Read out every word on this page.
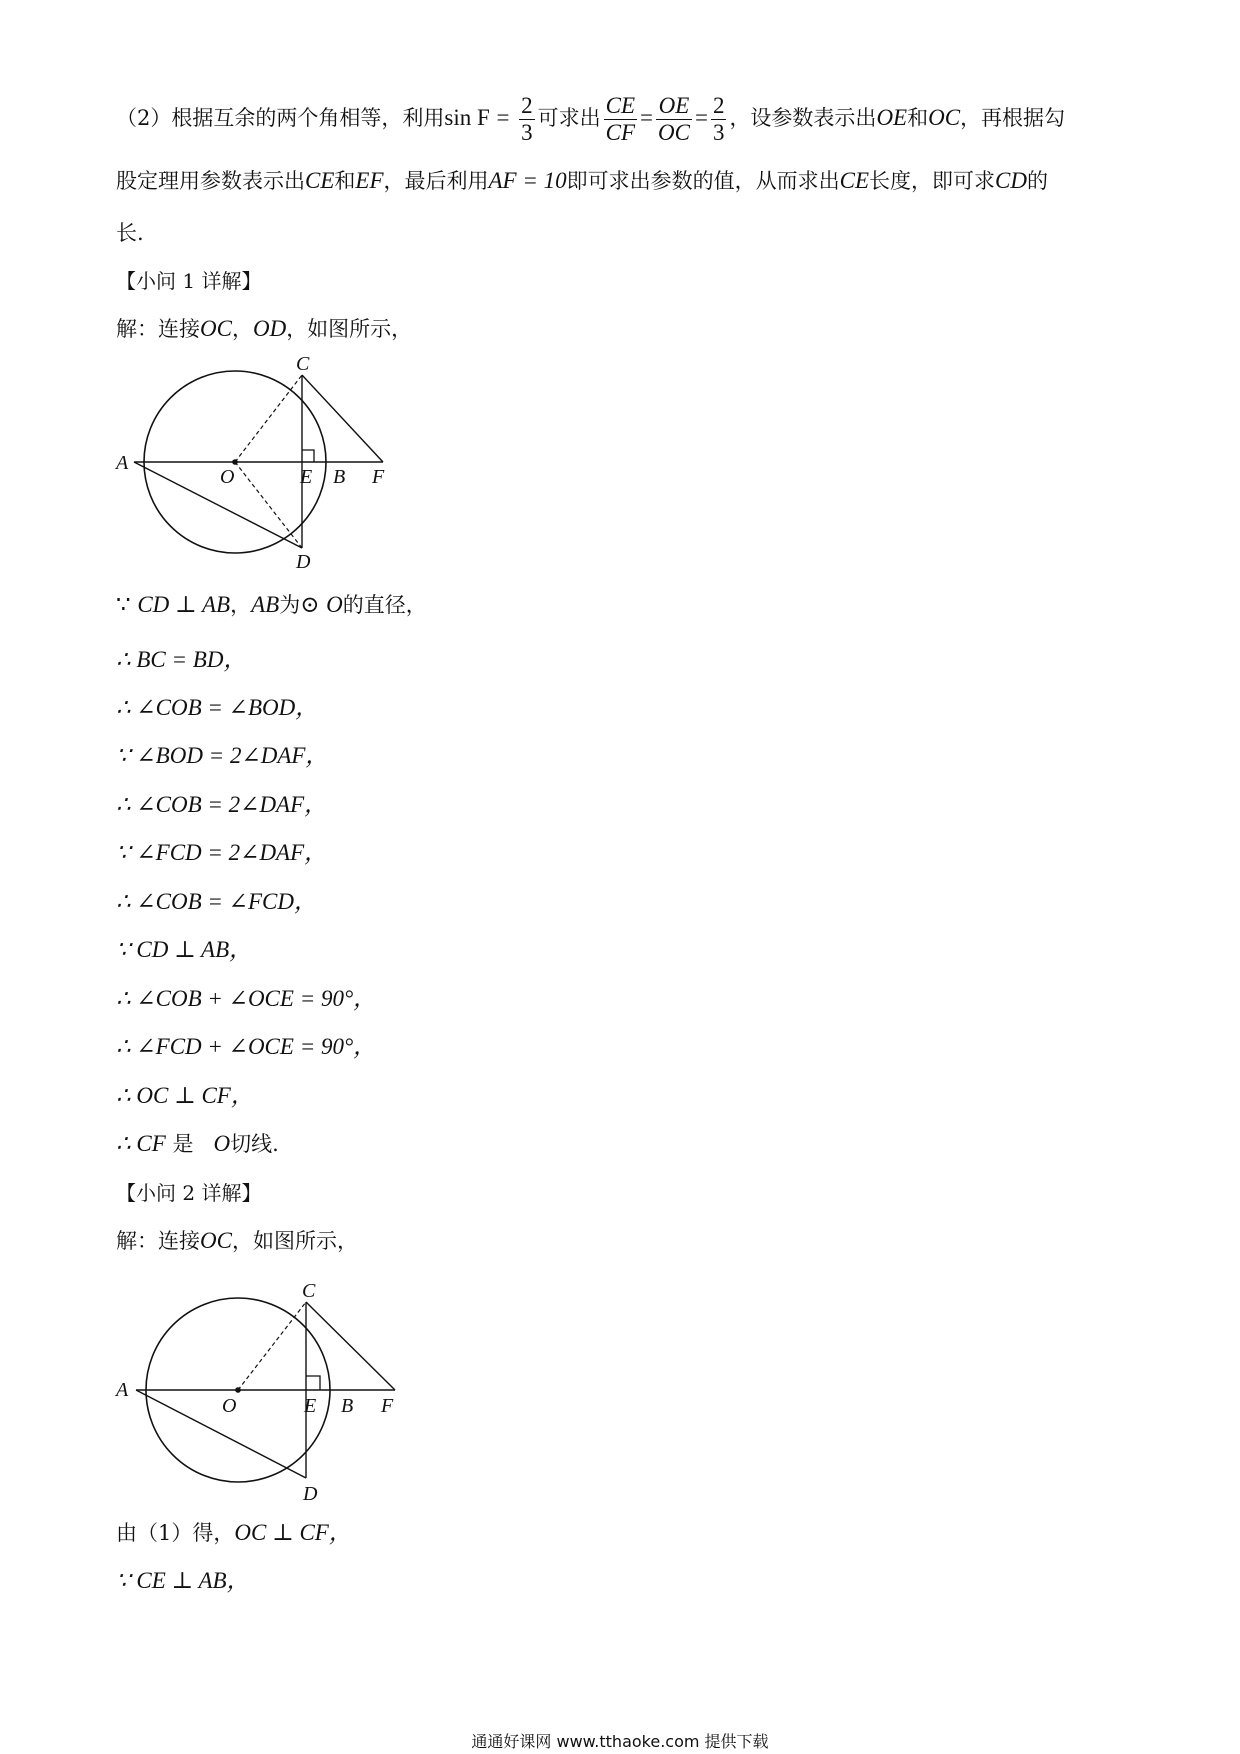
（2）根据互余的两个角相等，利用$\sin F = \frac{2}{3}$ 可求出 $\frac{CE}{CF} = \frac{OE}{OC} = \frac{2}{3}$ ，设参数表示出OE和OC，再根据勾
股定理用参数表示出CE和EF，最后利用AF = 10即可求出参数的值，从而求出CE长度，即可求CD的
长.
【小问 1 详解】
解：连接OC，OD，如图所示，
A
O	E B F
C
D
∵ CD ⊥ AB，AB为⊙ O的直径，
∴ BC = BD，
∴ ∠COB = ∠BOD，
∵ ∠BOD = 2∠DAF，
∴ ∠COB = 2∠DAF，
∵ ∠FCD = 2∠DAF，
∴ ∠COB = ∠FCD，
∵ CD ⊥ AB，
∴ ∠COB + ∠OCE = 90°，
∴ ∠FCD + ∠OCE = 90°，
∴ OC ⊥ CF，
∴ CF 是 O切线.
【小问 2 详解】
解：连接OC，如图所示，
A
O	E B F
C
D
由（1）得，OC ⊥ CF，
∵ CE ⊥ AB，
通通好课网 www.tthaoke.com 提供下载
